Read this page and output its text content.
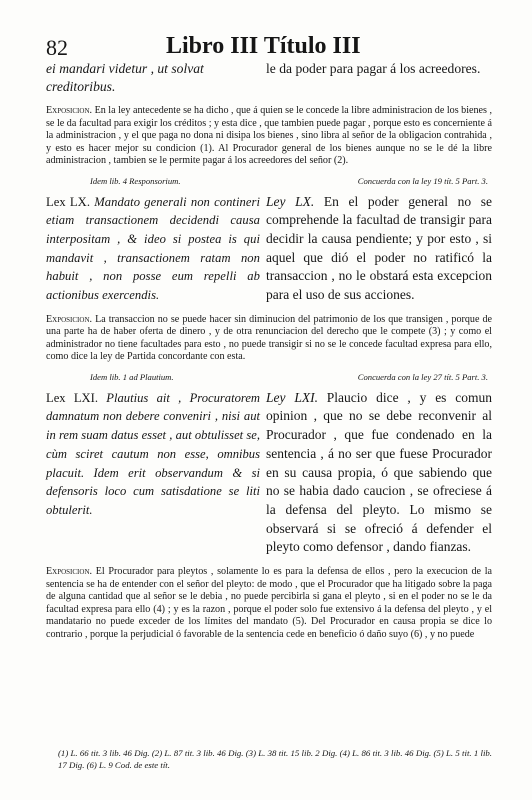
82	Libro III Título III
ei mandari videtur , ut solvat creditoribus.
le da poder para pagar á los acreedores.
Exposicion. En la ley antecedente se ha dicho , que á quien se le concede la libre administracion de los bienes , se le da facultad para exigir los créditos ; y esta dice , que tambien puede pagar , porque esto es concerniente á la administracion , y el que paga no dona ni disipa los bienes , sino libra al señor de la obligacion contrahida , y esto es hacer mejor su condicion (1). Al Procurador general de los bienes aunque no se le dé la libre administracion , tambien se le permite pagar á los acreedores del señor (2).
Idem lib. 4 Responsorium.	Concuerda con la ley 19 tít. 5 Part. 3.
Lex LX. Mandato generali non contineri etiam transactionem decidendi causa interpositam , & ideo si postea is qui mandavit , transactionem ratam non habuit , non posse eum repelli ab actionibus exercendis.
Ley LX. En el poder general no se comprehende la facultad de transigir para decidir la causa pendiente; y por esto , si aquel que dió el poder no ratificó la transaccion , no le obstará esta excepcion para el uso de sus acciones.
Exposicion. La transaccion no se puede hacer sin diminucion del patrimonio de los que transigen , porque de una parte ha de haber oferta de dinero , y de otra renunciacion del derecho que le compete (3) ; y como el administrador no tiene facultades para esto , no puede transigir si no se le concede facultad expresa para ello, como dice la ley de Partida concordante con esta.
Idem lib. 1 ad Plautium.	Concuerda con la ley 27 tít. 5 Part. 3.
Lex LXI. Plautius ait , Procuratorem damnatum non debere conveniri , nisi aut in rem suam datus esset , aut obtulisset se, cùm sciret cautum non esse, omnibus placuit. Idem erit observandum & si defensoris loco cum satisdatione se liti obtulerit.
Ley LXI. Plaucio dice , y es comun opinion , que no se debe reconvenir al Procurador , que fue condenado en la sentencia , á no ser que fuese Procurador en su causa propia, ó que sabiendo que no se habia dado caucion , se ofreciese á la defensa del pleyto. Lo mismo se observará si se ofreció á defender el pleyto como defensor , dando fianzas.
Exposicion. El Procurador para pleytos , solamente lo es para la defensa de ellos , pero la execucion de la sentencia se ha de entender con el señor del pleyto: de modo , que el Procurador que ha litigado sobre la paga de alguna cantidad que al señor se le debia , no puede percibirla si gana el pleyto , si en el poder no se le da facultad expresa para ello (4) ; y es la razon , porque el poder solo fue extensivo á la defensa del pleyto , y el mandatario no puede exceder de los límites del mandato (5). Del Procurador en causa propia se dice lo contrario , porque la perjudicial ó favorable de la sentencia cede en beneficio ó daño suyo (6) , y no puede
(1) L. 66 tit. 3 lib. 46 Dig. (2) L. 87 tit. 3 lib. 46 Dig. (3) L. 38 tit. 15 lib. 2 Dig. (4) L. 86 tit. 3 lib. 46 Dig. (5) L. 5 tit. 1 lib. 17 Dig. (6) L. 9 Cod. de este tít.
